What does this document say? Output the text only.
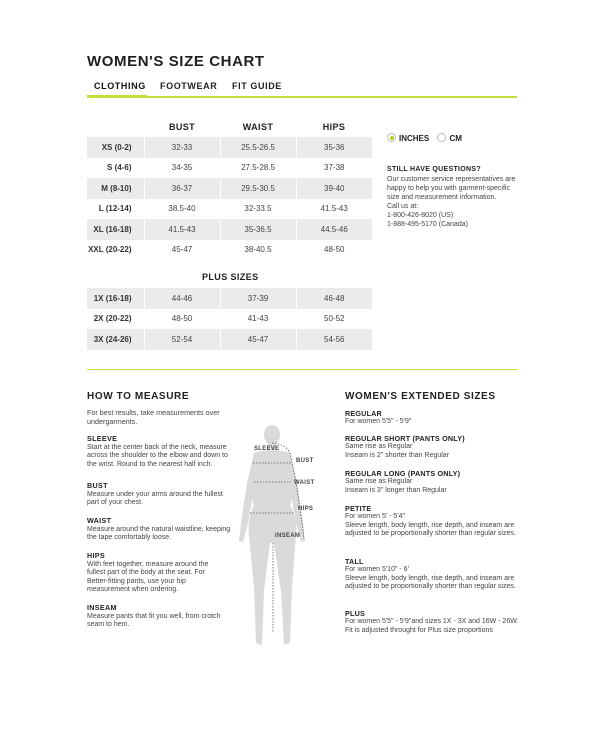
WOMEN'S SIZE CHART
CLOTHING FOOTWEAR FIT GUIDE
	BUST	WAIST	HIPS
XS (0-2)	32-33	25.5-26.5	35-36
S (4-6)	34-35	27.5-28.5	37-38
M (8-10)	36-37	29.5-30.5	39-40
L (12-14)	38.5-40	32-33.5	41.5-43
XL (16-18)	41.5-43	35-36.5	44.5-46
XXL (20-22)	45-47	38-40.5	48-50
PLUS SIZES
1X (16-18)	44-46	37-39	46-48
2X (20-22)	48-50	41-43	50-52
3X (24-26)	52-54	45-47	54-56
INCHES	CM
STILL HAVE QUESTIONS?
Our customer service representatives are happy to help you with garment-specific size and measurement information.
Call us at:
1-800-426-8020 (US)
1-888-495-5170 (Canada)
HOW TO MEASURE
For best results, take measurements over undergarments.
SLEEVE
Start at the center back of the neck, measure across the shoulder to the elbow and down to the wrist. Round to the nearest half inch.
BUST
Measure under your arms around the fullest part of your chest.
WAIST
Measure around the natural waistline, keeping the tape comfortably loose.
HIPS
With feet together, measure around the fullest part of the body at the seat. For Better-fitting pants, use your hip measurement when ordering.
INSEAM
Measure pants that fit you well, from crotch seam to hem.
SLEEVE
BUST
WAIST
HIPS
INSEAM
WOMEN'S EXTENDED SIZES
REGULAR
For women 5'5" - 5'9"
REGULAR SHORT (PANTS ONLY)
Same rise as Regular
Inseam is 2" shorter than Regular
REGULAR LONG (PANTS ONLY)
Same rise as Regular
Inseam is 3" longer than Regular
PETITE
For women 5' - 5'4"
Sleeve length, body length, rise depth, and inseam are adjusted to be proportionally shorter than regular sizes.
TALL
For women 5'10" - 6'
Sleeve length, body length, rise depth, and inseam are adjusted to be proportionally shorter than regular sizes.
PLUS
For women 5'5" - 5'9"and sizes 1X - 3X and 16W - 26W.
Fit is adjusted throught for Plus size proportions
